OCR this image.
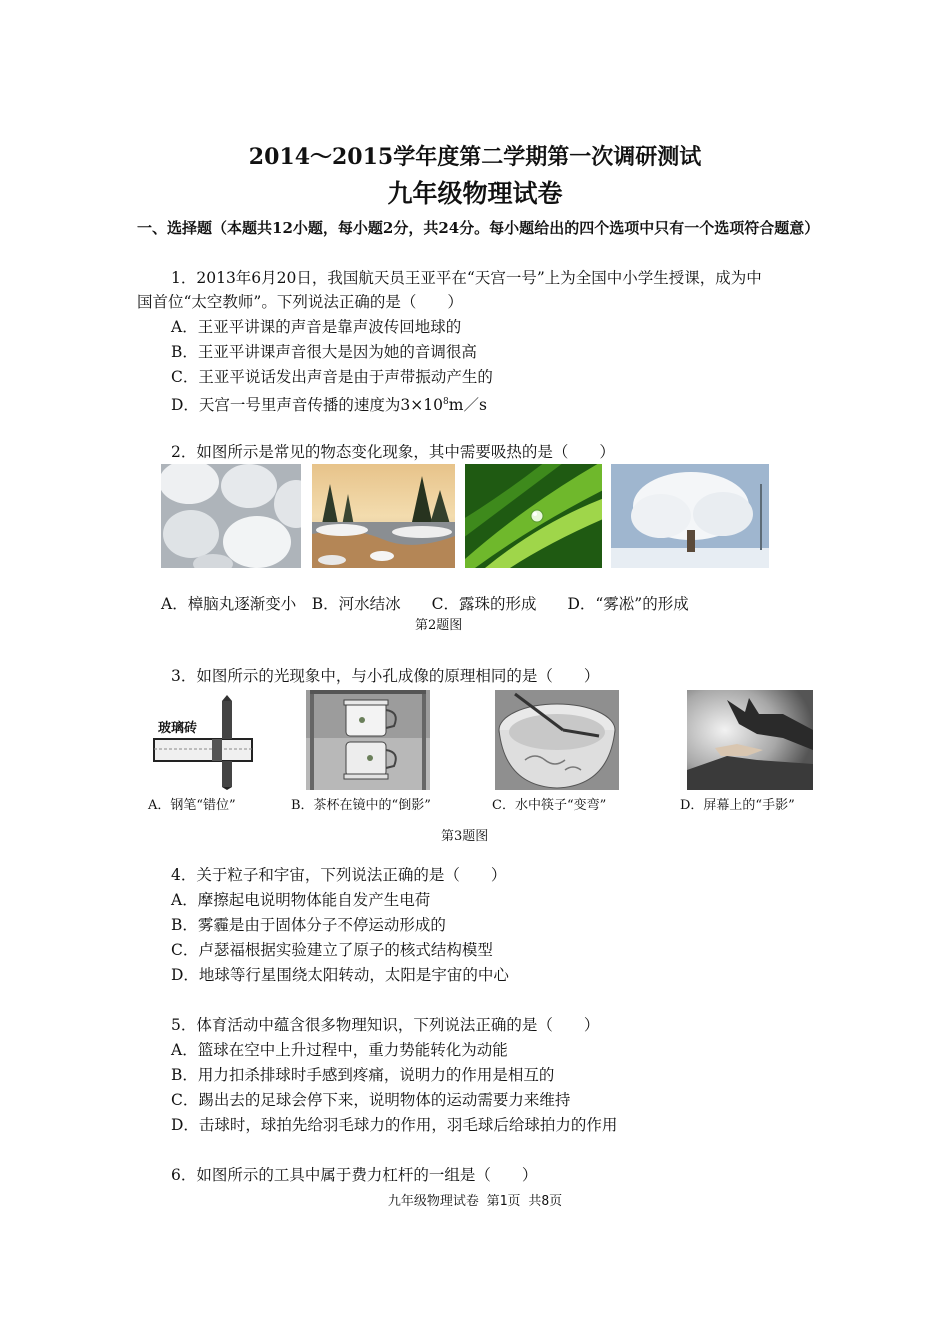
2014～2015学年度第二学期第一次调研测试
九年级物理试卷
一、选择题（本题共12小题，每小题2分，共24分。每小题给出的四个选项中只有一个选项符合题意）
1．2013年6月20日，我国航天员王亚平在“天宫一号”上为全国中小学生授课，成为中
国首位“太空教师”。下列说法正确的是（　　）
A．王亚平讲课的声音是靠声波传回地球的
B．王亚平讲课声音很大是因为她的音调很高
C．王亚平说话发出声音是由于声带振动产生的
D．天宫一号里声音传播的速度为$3\times 10^8m/s$
2．如图所示是常见的物态变化现象，其中需要吸热的是（　　）
A．樟脑丸逐渐变小　B．河水结冰　　C．露珠的形成　　D．“雾凇”的形成
第2题图
3．如图所示的光现象中，与小孔成像的原理相同的是（　　）
玻璃砖
A．钢笔“错位”	B．茶杯在镜中的“倒影”	C．水中筷子“变弯”	D．屏幕上的“手影”
第3题图
4．关于粒子和宇宙，下列说法正确的是（　　）
A．摩擦起电说明物体能自发产生电荷
B．雾霾是由于固体分子不停运动形成的
C．卢瑟福根据实验建立了原子的核式结构模型
D．地球等行星围绕太阳转动，太阳是宇宙的中心
5．体育活动中蕴含很多物理知识，下列说法正确的是（　　）
A．篮球在空中上升过程中，重力势能转化为动能
B．用力扣杀排球时手感到疼痛，说明力的作用是相互的
C．踢出去的足球会停下来，说明物体的运动需要力来维持
D．击球时，球拍先给羽毛球力的作用，羽毛球后给球拍力的作用
6．如图所示的工具中属于费力杠杆的一组是（　　）
九年级物理试卷 第1页 共8页
